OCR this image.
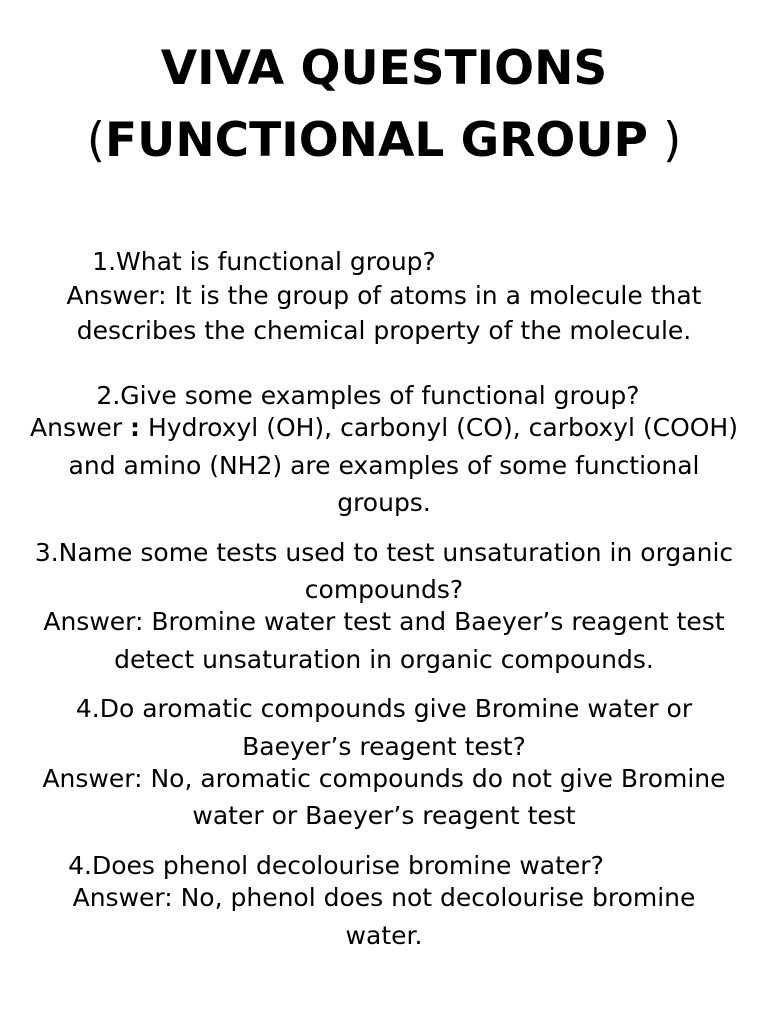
VIVA QUESTIONS
(FUNCTIONAL GROUP )

1.What is functional group?

Answer: It is the group of atoms in a molecule that

describes the chemical property of the molecule.

2.Give some examples of functional group?

Answer : Hydroxyl (OH), carbonyl (CO), carboxyl (COOH)

and amino (NH2) are examples of some functional

groups.

3.Name some tests used to test unsaturation in organic

compounds?

Answer: Bromine water test and Baeyer’s reagent test

detect unsaturation in organic compounds.

4.Do aromatic compounds give Bromine water or

Baeyer’s reagent test?

Answer: No, aromatic compounds do not give Bromine

water or Baeyer’s reagent test

4.Does phenol decolourise bromine water?

Answer: No, phenol does not decolourise bromine

water.
